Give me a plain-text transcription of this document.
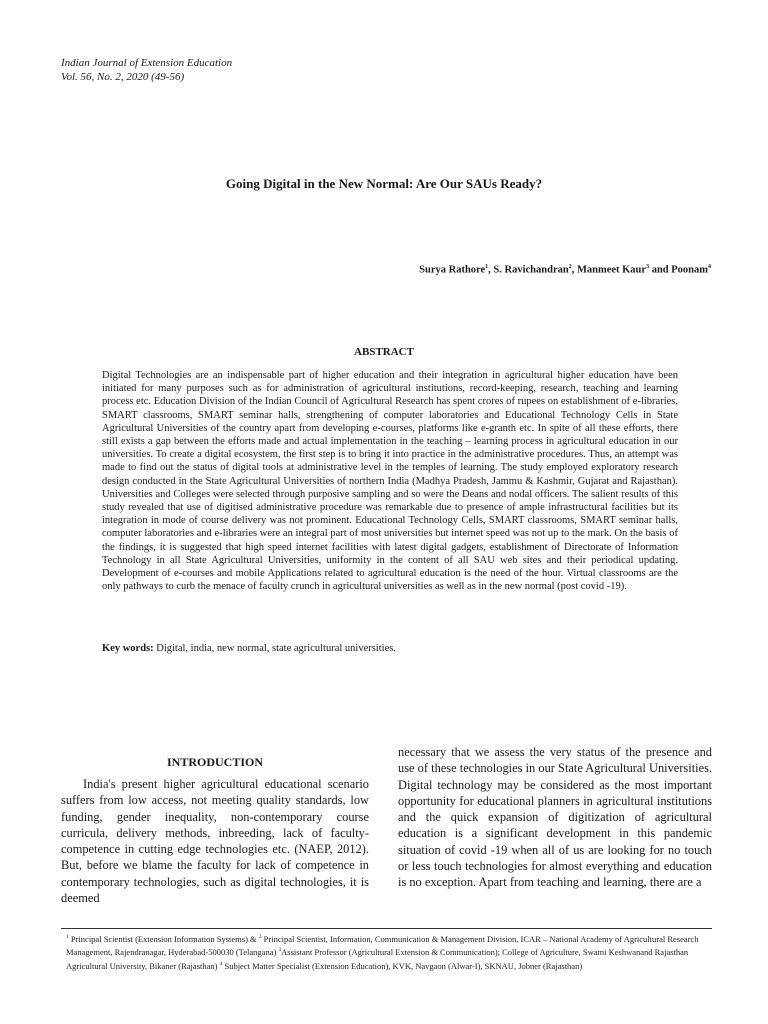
Indian Journal of Extension Education
Vol. 56, No. 2, 2020 (49-56)
Going Digital in the New Normal: Are Our SAUs Ready?
Surya Rathore$^1$, S. Ravichandran$^2$, Manmeet Kaur$^3$ and Poonam$^4$
ABSTRACT

Digital Technologies are an indispensable part of higher education and their integration in agricultural higher education have been initiated for many purposes such as for administration of agricultural institutions, record-keeping, research, teaching and learning process etc. Education Division of the Indian Council of Agricultural Research has spent crores of rupees on establishment of e-libraries, SMART classrooms, SMART seminar halls, strengthening of computer laboratories and Educational Technology Cells in State Agricultural Universities of the country apart from developing e-courses, platforms like e-granth etc. In spite of all these efforts, there still exists a gap between the efforts made and actual implementation in the teaching – learning process in agricultural education in our universities. To create a digital ecosystem, the first step is to bring it into practice in the administrative procedures. Thus, an attempt was made to find out the status of digital tools at administrative level in the temples of learning. The study employed exploratory research design conducted in the State Agricultural Universities of northern India (Madhya Pradesh, Jammu & Kashmir, Gujarat and Rajasthan). Universities and Colleges were selected through purposive sampling and so were the Deans and nodal officers. The salient results of this study revealed that use of digitised administrative procedure was remarkable due to presence of ample infrastructural facilities but its integration in mode of course delivery was not prominent. Educational Technology Cells, SMART classrooms, SMART seminar halls, computer laboratories and e-libraries were an integral part of most universities but internet speed was not up to the mark. On the basis of the findings, it is suggested that high speed internet facilities with latest digital gadgets, establishment of Directorate of Information Technology in all State Agricultural Universities, uniformity in the content of all SAU web sites and their periodical updating. Development of e-courses and mobile Applications related to agricultural education is the need of the hour. Virtual classrooms are the only pathways to curb the menace of faculty crunch in agricultural universities as well as in the new normal (post covid -19).

Key words: Digital, india, new normal, state agricultural universities.

INTRODUCTION

India's present higher agricultural educational scenario suffers from low access, not meeting quality standards, low funding, gender inequality, non-contemporary course curricula, delivery methods, inbreeding, lack of faculty-competence in cutting edge technologies etc. (NAEP, 2012). But, before we blame the faculty for lack of competence in contemporary technologies, such as digital technologies, it is deemed

necessary that we assess the very status of the presence and use of these technologies in our State Agricultural Universities. Digital technology may be considered as the most important opportunity for educational planners in agricultural institutions and the quick expansion of digitization of agricultural education is a significant development in this pandemic situation of covid -19 when all of us are looking for no touch or less touch technologies for almost everything and education is no exception. Apart from teaching and learning, there are a

$^1$ Principal Scientist (Extension Information Systems) & $^2$ Principal Scientist, Information, Communication & Management Division, ICAR – National Academy of Agricultural Research Management, Rajendranagar, Hyderabad-500030 (Telangana) $^3$Assistant Professor (Agricultural Extension & Communication); College of Agriculture, Swami Keshwanand Rajasthan Agricultural University, Bikaner (Rajasthan) $^4$ Subject Matter Specialist (Extension Education), KVK, Navgaon (Alwar-I), SKNAU, Jobner (Rajasthan)
